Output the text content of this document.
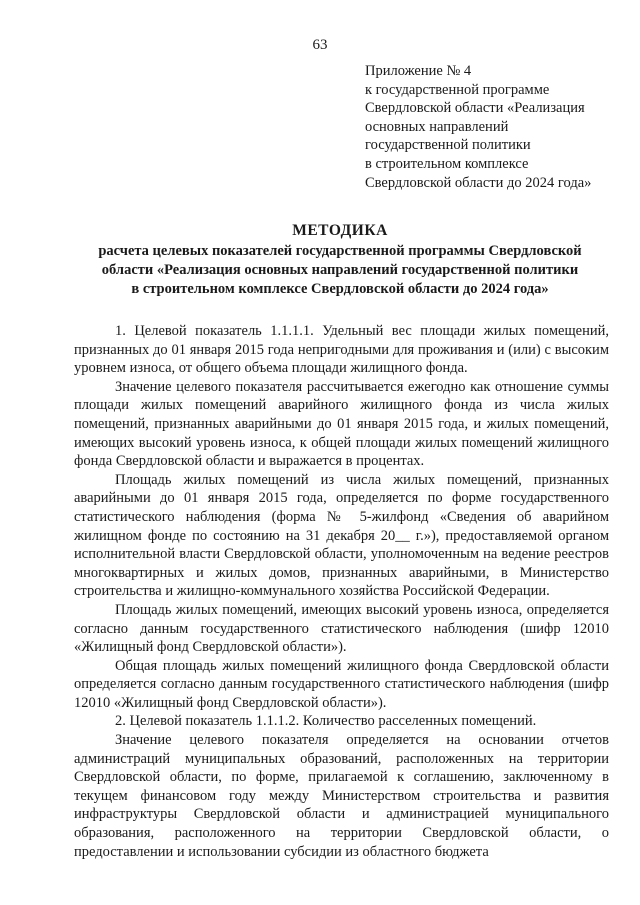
63
Приложение № 4
к государственной программе
Свердловской области «Реализация
основных направлений
государственной политики
в строительном комплексе
Свердловской области до 2024 года»
МЕТОДИКА
расчета целевых показателей государственной программы Свердловской
области «Реализация основных направлений государственной политики
в строительном комплексе Свердловской области до 2024 года»

1. Целевой показатель 1.1.1.1. Удельный вес площади жилых помещений, признанных до 01 января 2015 года непригодными для проживания и (или) с высоким уровнем износа, от общего объема площади жилищного фонда.

Значение целевого показателя рассчитывается ежегодно как отношение суммы площади жилых помещений аварийного жилищного фонда из числа жилых помещений, признанных аварийными до 01 января 2015 года, и жилых помещений, имеющих высокий уровень износа, к общей площади жилых помещений жилищного фонда Свердловской области и выражается в процентах.

Площадь жилых помещений из числа жилых помещений, признанных аварийными до 01 января 2015 года, определяется по форме государственного статистического наблюдения (форма № 5-жилфонд «Сведения об аварийном жилищном фонде по состоянию на 31 декабря 20__ г.»), предоставляемой органом исполнительной власти Свердловской области, уполномоченным на ведение реестров многоквартирных и жилых домов, признанных аварийными, в Министерство строительства и жилищно-коммунального хозяйства Российской Федерации.

Площадь жилых помещений, имеющих высокий уровень износа, определяется согласно данным государственного статистического наблюдения (шифр 12010 «Жилищный фонд Свердловской области»).

Общая площадь жилых помещений жилищного фонда Свердловской области определяется согласно данным государственного статистического наблюдения (шифр 12010 «Жилищный фонд Свердловской области»).

2. Целевой показатель 1.1.1.2. Количество расселенных помещений.

Значение целевого показателя определяется на основании отчетов администраций муниципальных образований, расположенных на территории Свердловской области, по форме, прилагаемой к соглашению, заключенному в текущем финансовом году между Министерством строительства и развития инфраструктуры Свердловской области и администрацией муниципального образования, расположенного на территории Свердловской области, о предоставлении и использовании субсидии из областного бюджета
